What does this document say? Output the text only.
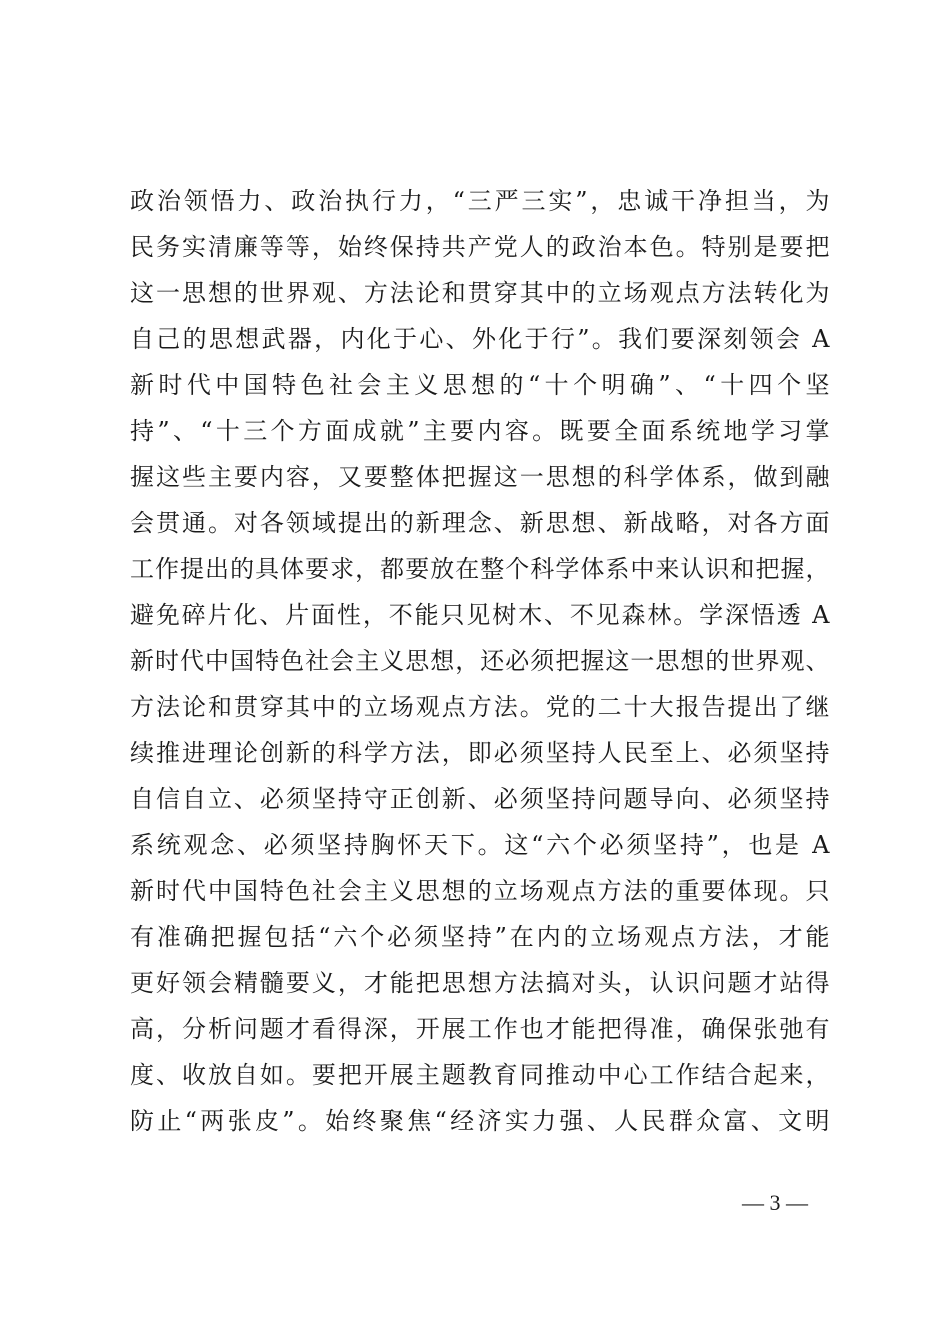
政治领悟力、政治执行力，“三严三实”，忠诚干净担当，为
民务实清廉等等，始终保持共产党人的政治本色。特别是要把
这一思想的世界观、方法论和贯穿其中的立场观点方法转化为
自己的思想武器，内化于心、外化于行”。我们要深刻领会 A
新时代中国特色社会主义思想的“十个明确”、“十四个坚
持”、“十三个方面成就”主要内容。既要全面系统地学习掌
握这些主要内容，又要整体把握这一思想的科学体系，做到融
会贯通。对各领域提出的新理念、新思想、新战略，对各方面
工作提出的具体要求，都要放在整个科学体系中来认识和把握，
避免碎片化、片面性，不能只见树木、不见森林。学深悟透 A
新时代中国特色社会主义思想，还必须把握这一思想的世界观、
方法论和贯穿其中的立场观点方法。党的二十大报告提出了继
续推进理论创新的科学方法，即必须坚持人民至上、必须坚持
自信自立、必须坚持守正创新、必须坚持问题导向、必须坚持
系统观念、必须坚持胸怀天下。这“六个必须坚持”，也是 A
新时代中国特色社会主义思想的立场观点方法的重要体现。只
有准确把握包括“六个必须坚持”在内的立场观点方法，才能
更好领会精髓要义，才能把思想方法搞对头，认识问题才站得
高，分析问题才看得深，开展工作也才能把得准，确保张弛有
度、收放自如。要把开展主题教育同推动中心工作结合起来，
防止“两张皮”。始终聚焦“经济实力强、人民群众富、文明
— 3 —
